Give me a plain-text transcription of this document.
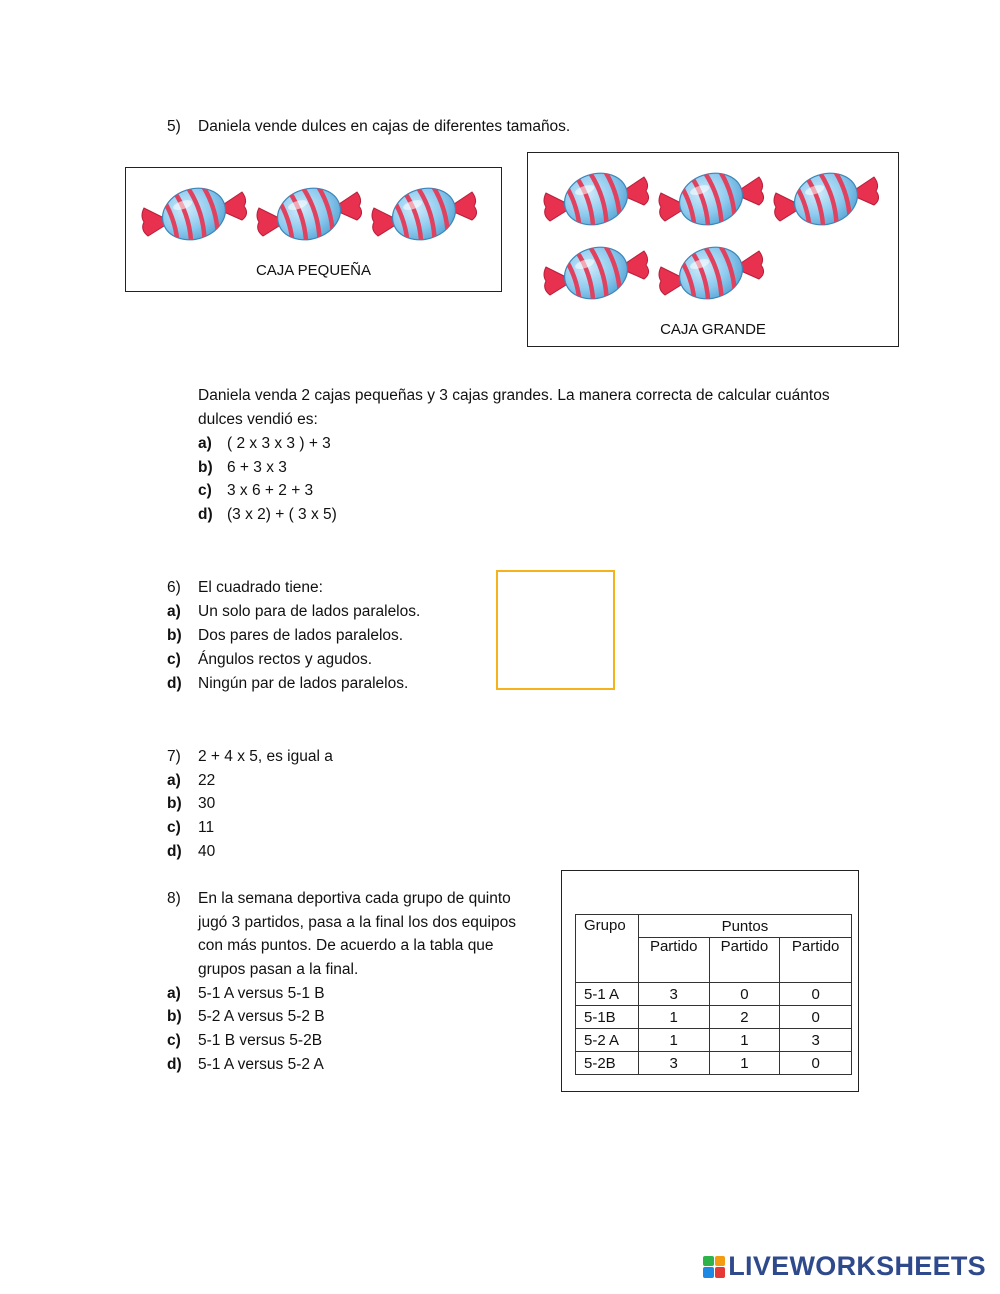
5) Daniela vende dulces en cajas de diferentes tamaños.
CAJA PEQUEÑA
CAJA GRANDE
Daniela venda 2 cajas pequeñas y 3 cajas grandes. La manera correcta de calcular cuántos
dulces vendió es:
a) ( 2 x 3 x 3 ) + 3
b) 6 + 3 x 3
c) 3 x 6 + 2 + 3
d) (3 x 2) + ( 3 x 5)
6) El cuadrado tiene:
a) Un solo para de lados paralelos.
b) Dos pares de lados paralelos.
c) Ángulos rectos y agudos.
d) Ningún par de lados paralelos.
7) 2 + 4 x 5, es igual a
a) 22
b) 30
c) 11
d) 40
8) En la semana deportiva cada grupo de quinto
jugó 3 partidos, pasa a la final los dos equipos
con más puntos. De acuerdo a la tabla que
grupos pasan a la final.
a) 5-1 A versus 5-1 B
b) 5-2 A versus 5-2 B
c) 5-1 B versus 5-2B
d) 5-1 A versus 5-2 A
Grupo	Puntos		
	Partido	Partido	Partido

5-1 A	3	0	0
5-1B	1	2	0
5-2 A	1	1	3
5-2B	3	1	0
LIVEWORKSHEETS
